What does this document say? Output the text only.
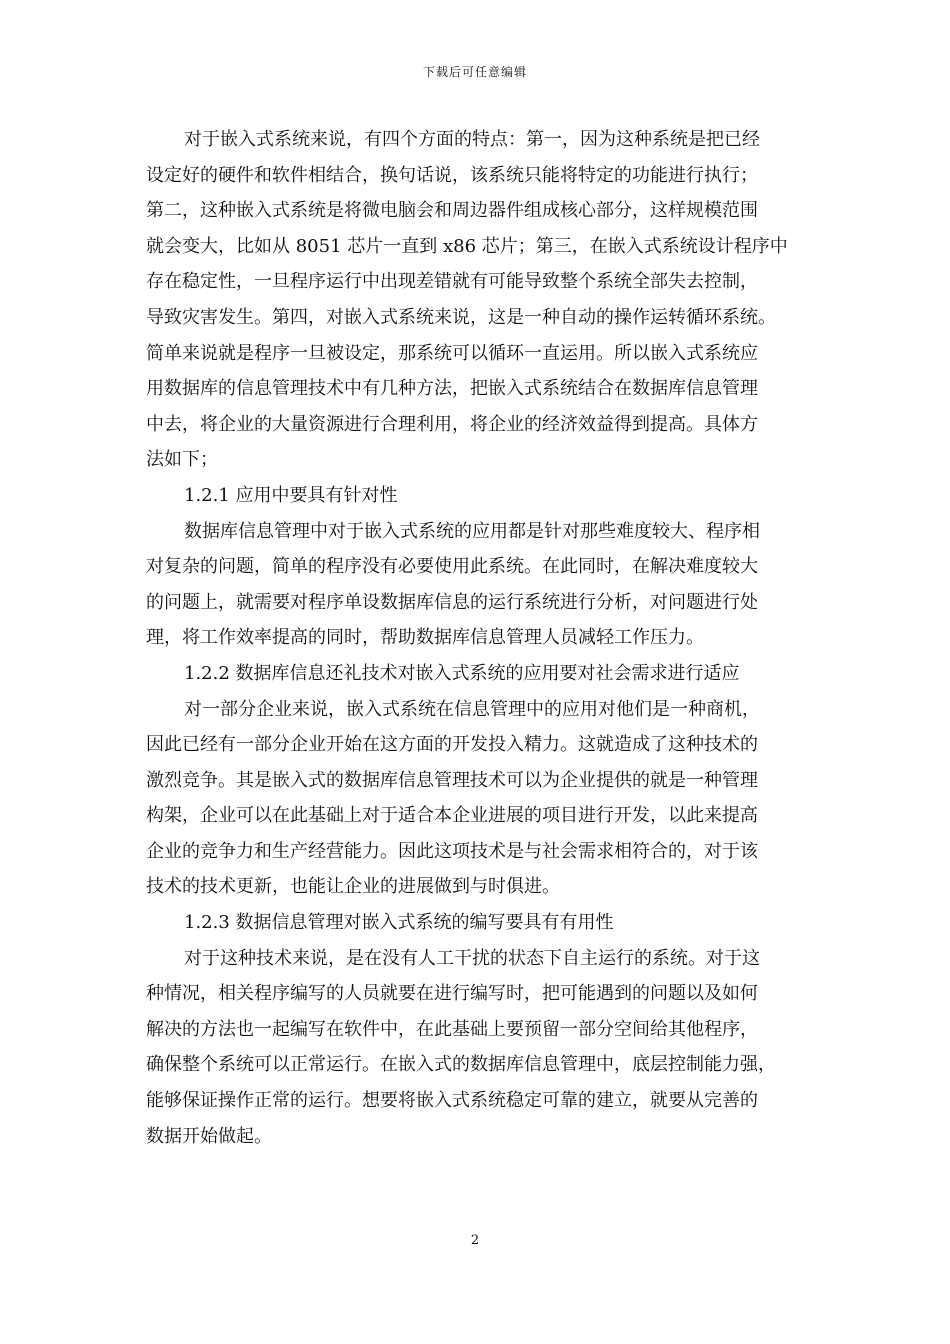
下载后可任意编辑
对于嵌入式系统来说，有四个方面的特点：第一，因为这种系统是把已经
设定好的硬件和软件相结合，换句话说，该系统只能将特定的功能进行执行；
第二，这种嵌入式系统是将微电脑会和周边器件组成核心部分，这样规模范围
就会变大，比如从 8051 芯片一直到 x86 芯片；第三，在嵌入式系统设计程序中
存在稳定性，一旦程序运行中出现差错就有可能导致整个系统全部失去控制，
导致灾害发生。第四，对嵌入式系统来说，这是一种自动的操作运转循环系统。
简单来说就是程序一旦被设定，那系统可以循环一直运用。所以嵌入式系统应
用数据库的信息管理技术中有几种方法，把嵌入式系统结合在数据库信息管理
中去，将企业的大量资源进行合理利用，将企业的经济效益得到提高。具体方
法如下；
1.2.1 应用中要具有针对性
数据库信息管理中对于嵌入式系统的应用都是针对那些难度较大、程序相
对复杂的问题，简单的程序没有必要使用此系统。在此同时，在解决难度较大
的问题上，就需要对程序单设数据库信息的运行系统进行分析，对问题进行处
理，将工作效率提高的同时，帮助数据库信息管理人员减轻工作压力。
1.2.2 数据库信息还礼技术对嵌入式系统的应用要对社会需求进行适应
对一部分企业来说，嵌入式系统在信息管理中的应用对他们是一种商机，
因此已经有一部分企业开始在这方面的开发投入精力。这就造成了这种技术的
激烈竞争。其是嵌入式的数据库信息管理技术可以为企业提供的就是一种管理
构架，企业可以在此基础上对于适合本企业进展的项目进行开发，以此来提高
企业的竞争力和生产经营能力。因此这项技术是与社会需求相符合的，对于该
技术的技术更新，也能让企业的进展做到与时俱进。
1.2.3 数据信息管理对嵌入式系统的编写要具有有用性
对于这种技术来说，是在没有人工干扰的状态下自主运行的系统。对于这
种情况，相关程序编写的人员就要在进行编写时，把可能遇到的问题以及如何
解决的方法也一起编写在软件中，在此基础上要预留一部分空间给其他程序，
确保整个系统可以正常运行。在嵌入式的数据库信息管理中，底层控制能力强，
能够保证操作正常的运行。想要将嵌入式系统稳定可靠的建立，就要从完善的
数据开始做起。
2
